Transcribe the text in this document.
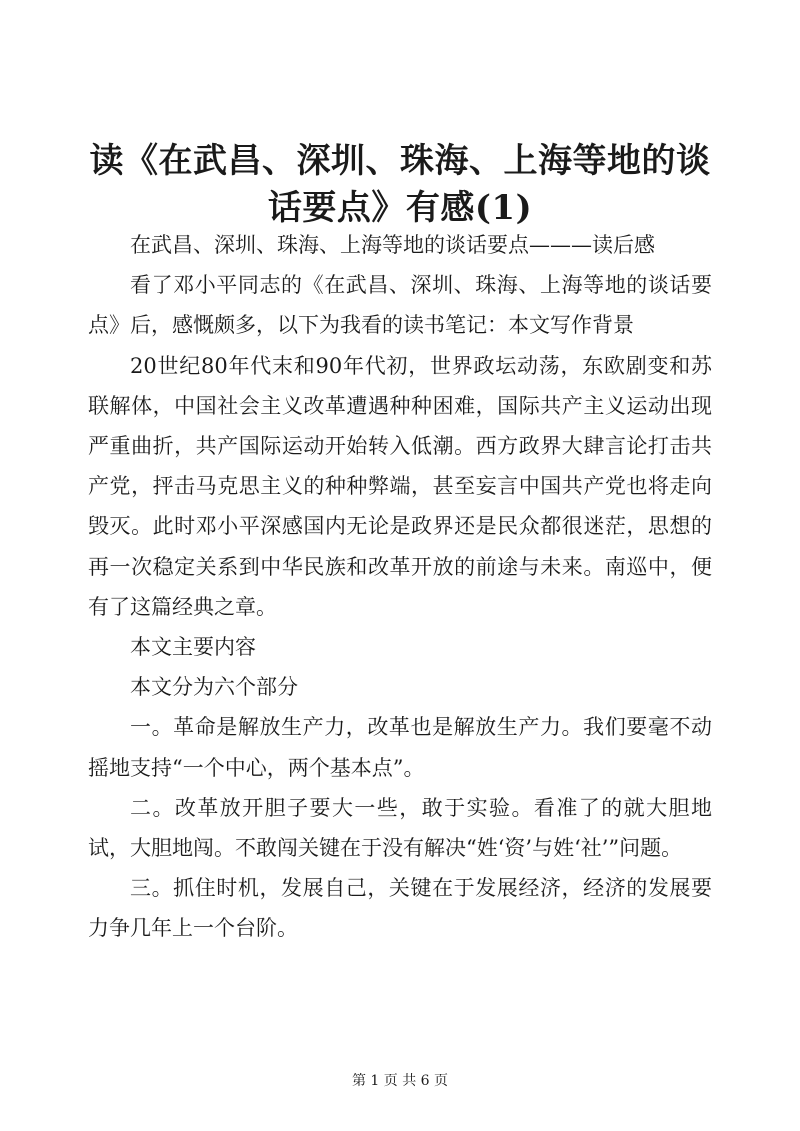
读《在武昌、深圳、珠海、上海等地的谈话要点》有感(1)

在武昌、深圳、珠海、上海等地的谈话要点———读后感

看了邓小平同志的《在武昌、深圳、珠海、上海等地的谈话要点》后，感慨颇多，以下为我看的读书笔记：本文写作背景

20世纪80年代末和90年代初，世界政坛动荡，东欧剧变和苏联解体，中国社会主义改革遭遇种种困难，国际共产主义运动出现严重曲折，共产国际运动开始转入低潮。西方政界大肆言论打击共产党，抨击马克思主义的种种弊端，甚至妄言中国共产党也将走向毁灭。此时邓小平深感国内无论是政界还是民众都很迷茫，思想的再一次稳定关系到中华民族和改革开放的前途与未来。南巡中，便有了这篇经典之章。

本文主要内容

本文分为六个部分

一。革命是解放生产力，改革也是解放生产力。我们要毫不动摇地支持“一个中心，两个基本点”。

二。改革放开胆子要大一些，敢于实验。看准了的就大胆地试，大胆地闯。不敢闯关键在于没有解决“姓‘资’与姓‘社’”问题。

三。抓住时机，发展自己，关键在于发展经济，经济的发展要力争几年上一个台阶。

第 1 页 共 6 页
